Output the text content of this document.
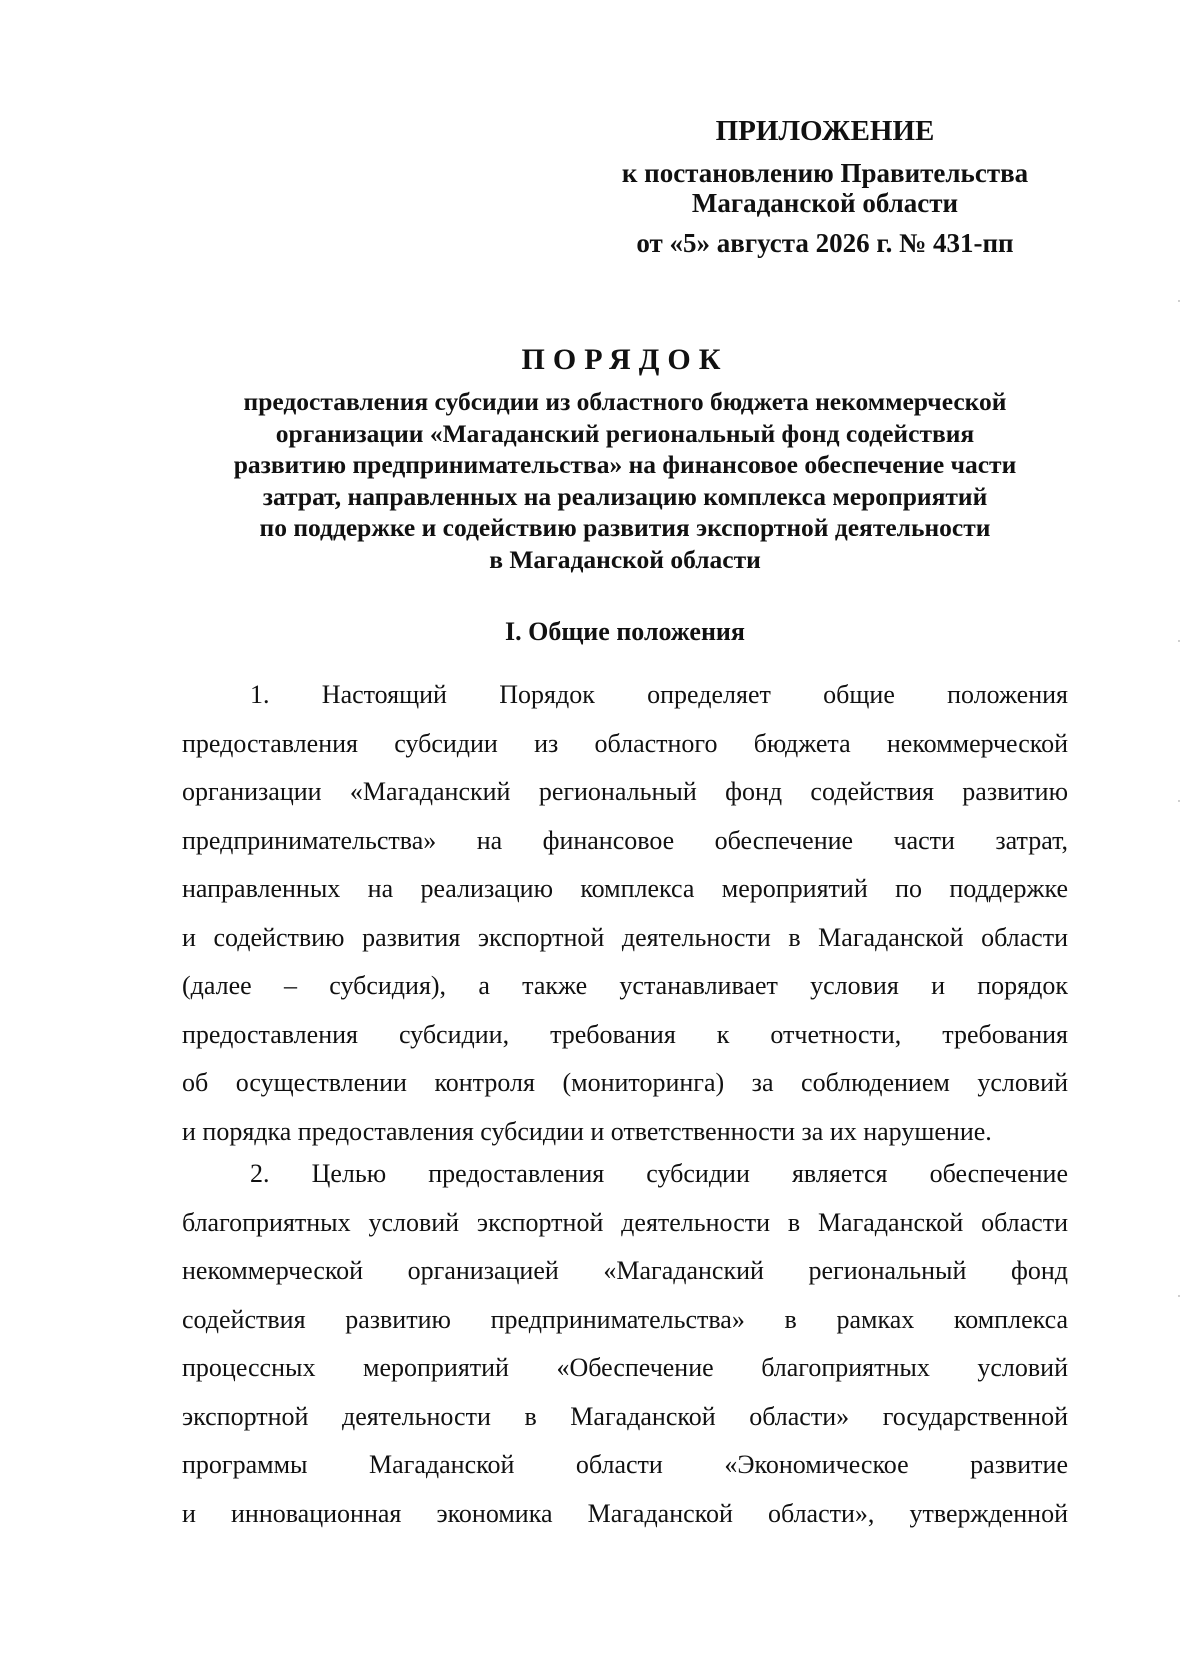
ПРИЛОЖЕНИЕ
к постановлению Правительства
Магаданской области
от «5» августа 2026 г. № 431-пп
ПОРЯДОК
предоставления субсидии из областного бюджета некоммерческой
организации «Магаданский региональный фонд содействия
развитию предпринимательства» на финансовое обеспечение части
затрат, направленных на реализацию комплекса мероприятий
по поддержке и содействию развития экспортной деятельности
в Магаданской области
I. Общие положения
1. Настоящий Порядок определяет общие положения
предоставления субсидии из областного бюджета некоммерческой
организации «Магаданский региональный фонд содействия развитию
предпринимательства» на финансовое обеспечение части затрат,
направленных на реализацию комплекса мероприятий по поддержке
и содействию развития экспортной деятельности в Магаданской области
(далее – субсидия), а также устанавливает условия и порядок
предоставления субсидии, требования к отчетности, требования
об осуществлении контроля (мониторинга) за соблюдением условий
и порядка предоставления субсидии и ответственности за их нарушение.
2. Целью предоставления субсидии является обеспечение
благоприятных условий экспортной деятельности в Магаданской области
некоммерческой организацией «Магаданский региональный фонд
содействия развитию предпринимательства» в рамках комплекса
процессных мероприятий «Обеспечение благоприятных условий
экспортной деятельности в Магаданской области» государственной
программы Магаданской области «Экономическое развитие
и инновационная экономика Магаданской области», утвержденной
